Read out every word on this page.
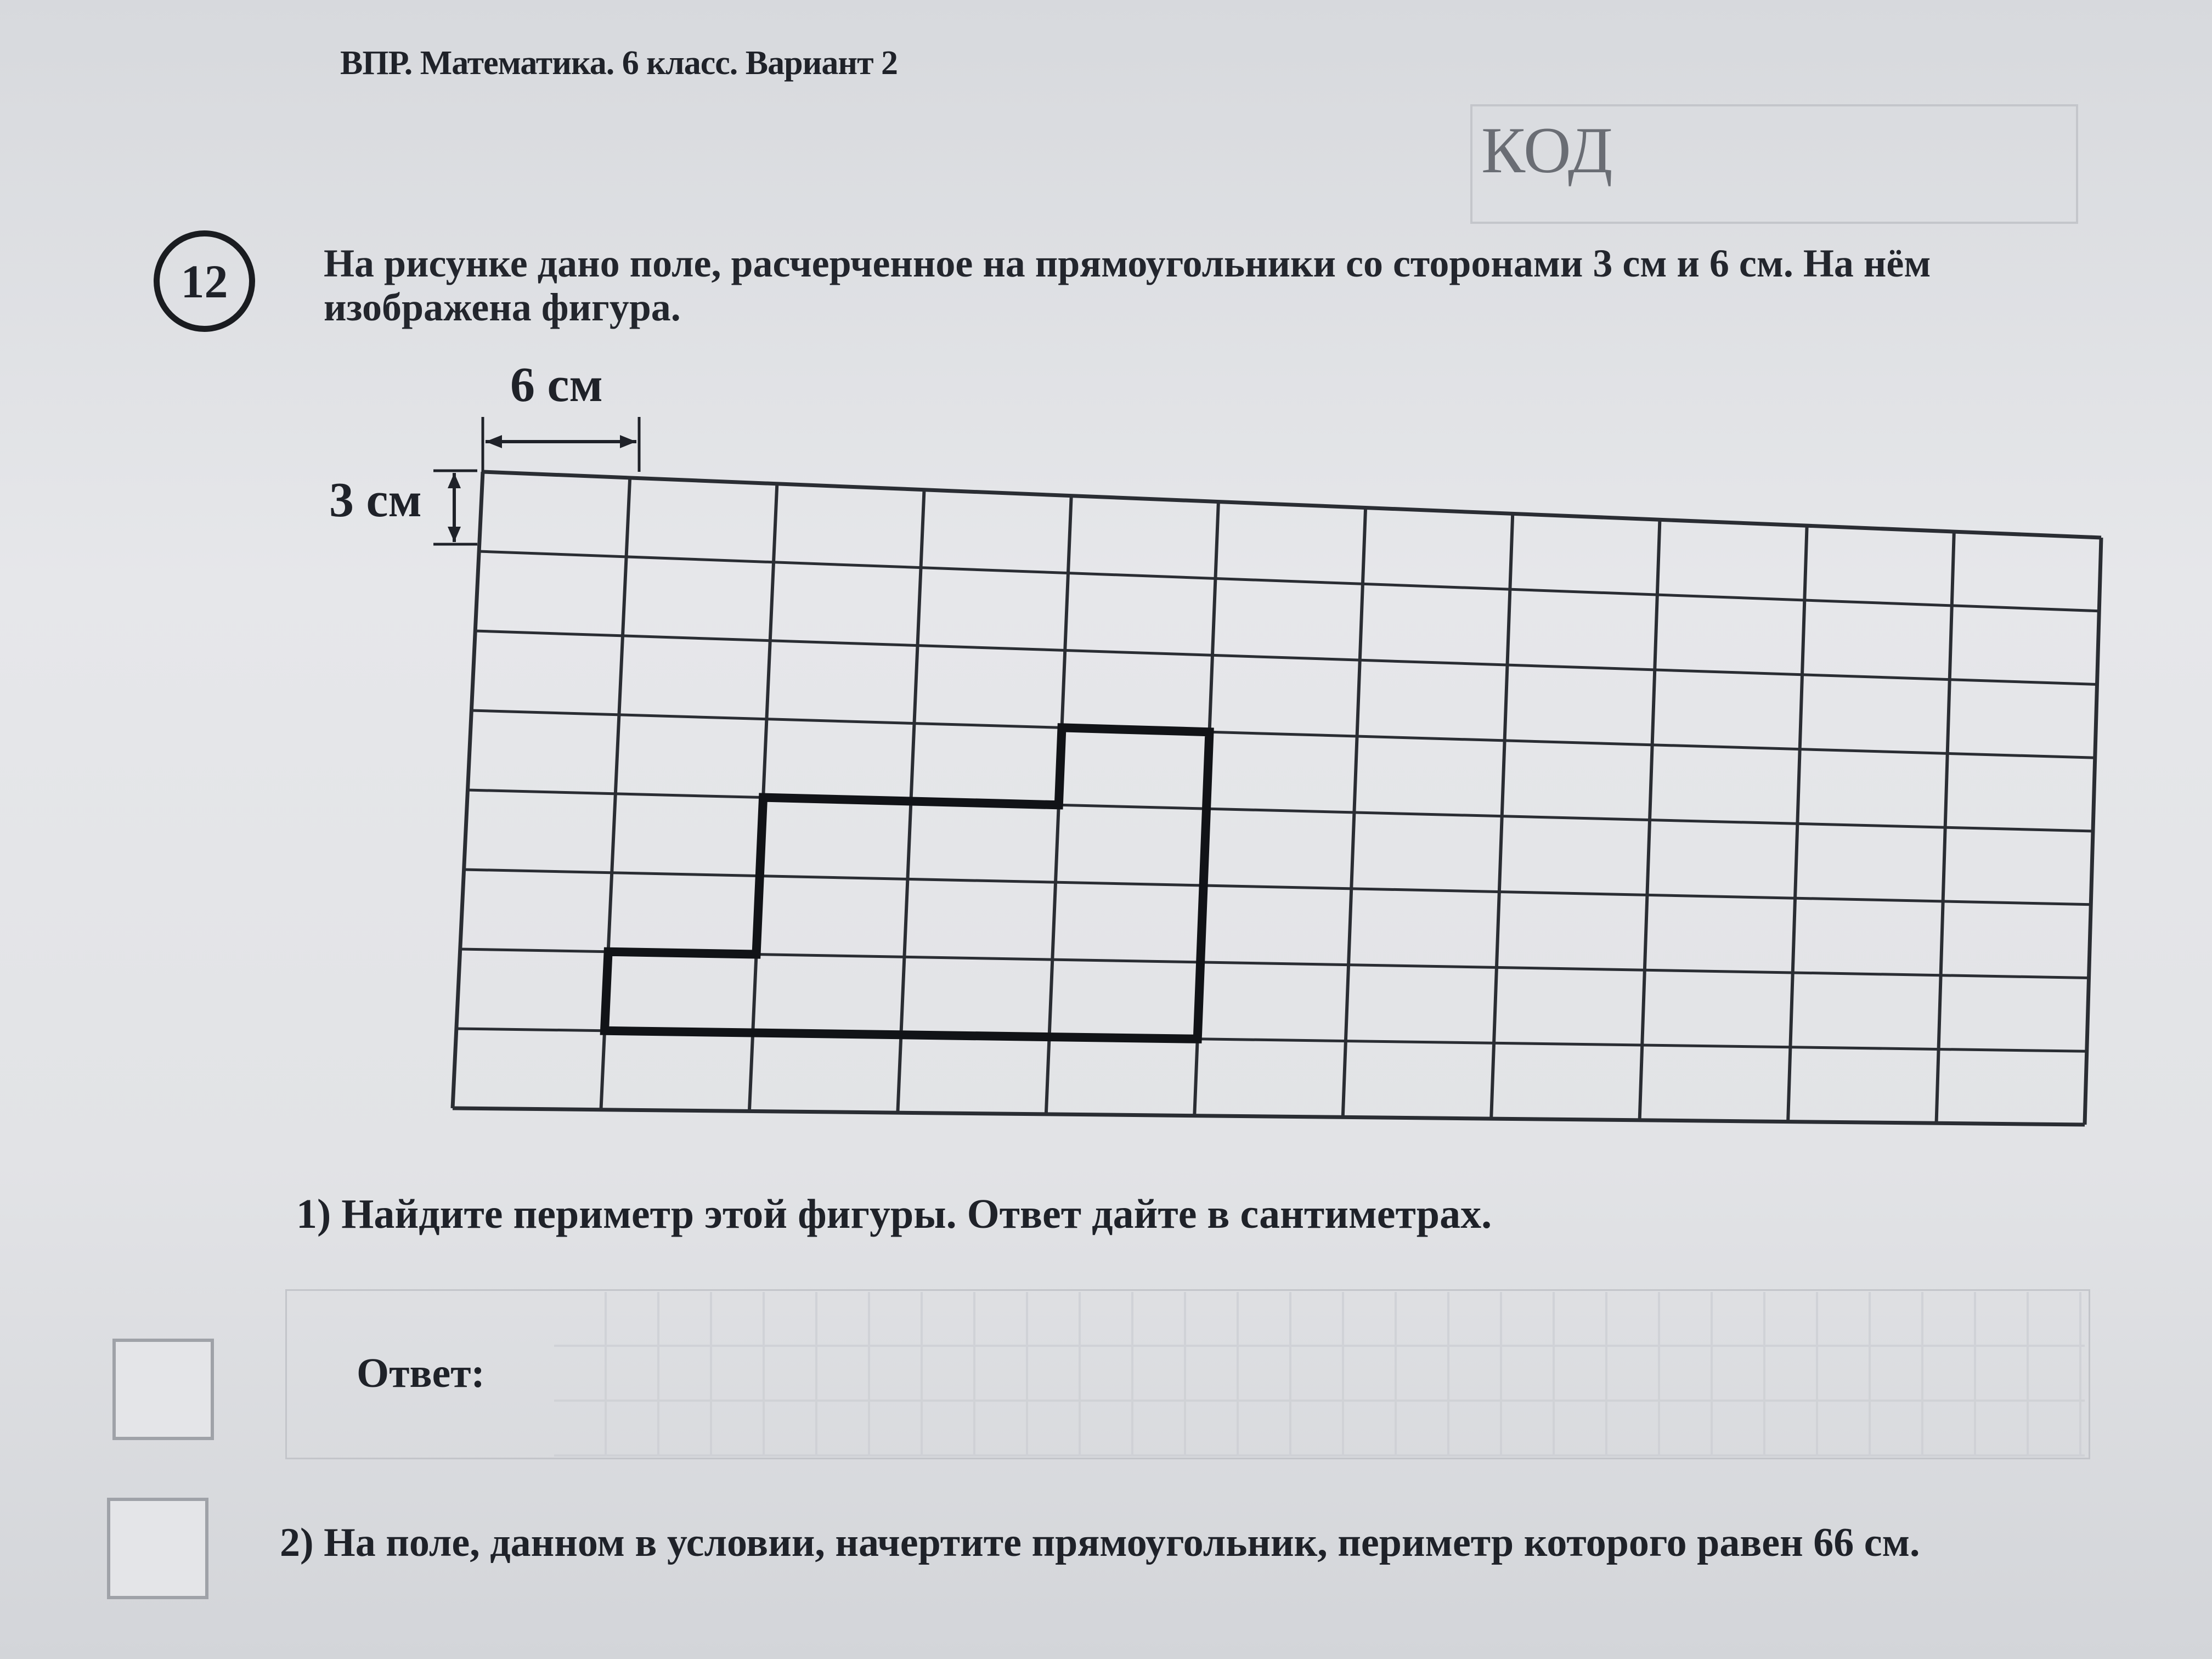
ВПР. Математика. 6 класс. Вариант 2
КОД
12 На рисунке дано поле, расчерченное на прямоугольники со сторонами 3 см и 6 см. На нём изображена фигура.
6 см
3 см
1) Найдите периметр этой фигуры. Ответ дайте в сантиметрах.
Ответ:
2) На поле, данном в условии, начертите прямоугольник, периметр которого равен 66 см.
